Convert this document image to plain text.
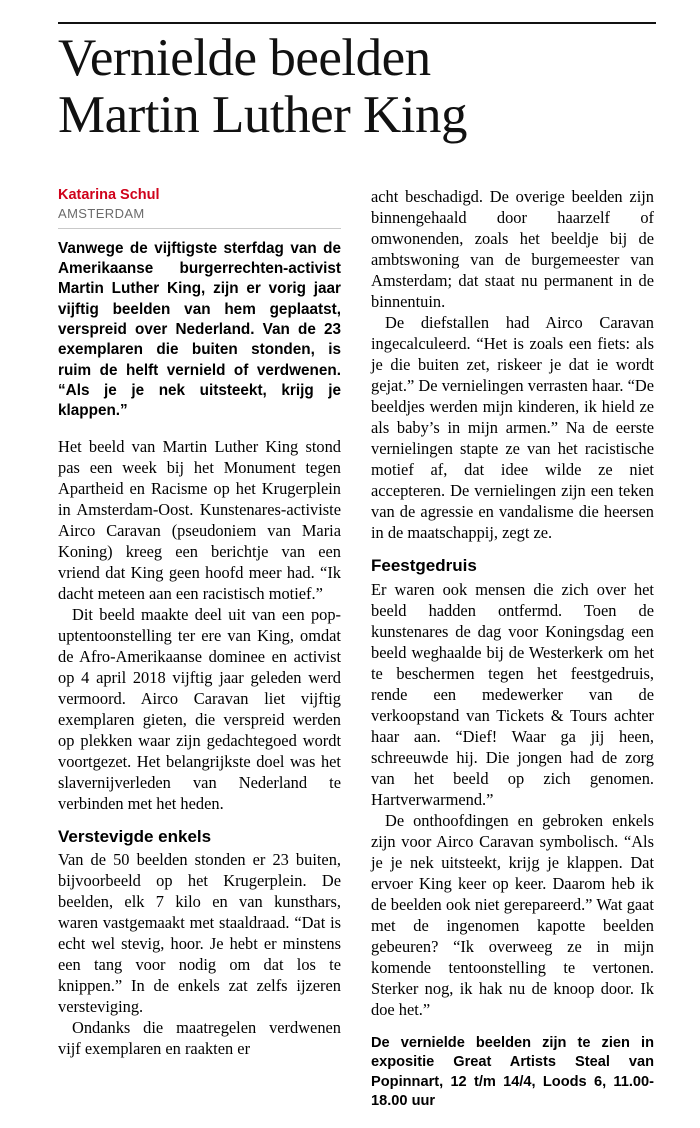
Vernielde beelden
Martin Luther King
Katarina Schul
AMSTERDAM

Vanwege de vijftigste sterfdag van de Amerikaanse burgerrechten-activist Martin Luther King, zijn er vorig jaar vijftig beelden van hem geplaatst, verspreid over Nederland. Van de 23 exemplaren die buiten stonden, is ruim de helft vernield of verdwenen. “Als je je nek uitsteekt, krijg je klappen.”

Het beeld van Martin Luther King stond pas een week bij het Monument tegen Apartheid en Racisme op het Krugerplein in Amsterdam-Oost. Kunstenares-activiste Airco Caravan (pseudoniem van Maria Koning) kreeg een berichtje van een vriend dat King geen hoofd meer had. “Ik dacht meteen aan een racistisch motief.”

Dit beeld maakte deel uit van een pop-uptentoonstelling ter ere van King, omdat de Afro-Amerikaanse dominee en activist op 4 april 2018 vijftig jaar geleden werd vermoord. Airco Caravan liet vijftig exemplaren gieten, die verspreid werden op plekken waar zijn gedachtegoed wordt voortgezet. Het belangrijkste doel was het slavernijverleden van Nederland te verbinden met het heden.

Verstevigde enkels

Van de 50 beelden stonden er 23 buiten, bijvoorbeeld op het Krugerplein. De beelden, elk 7 kilo en van kunsthars, waren vastgemaakt met staaldraad. “Dat is echt wel stevig, hoor. Je hebt er minstens een tang voor nodig om dat los te knippen.” In de enkels zat zelfs ijzeren versteviging.

Ondanks die maatregelen verdwenen vijf exemplaren en raakten er

acht beschadigd. De overige beelden zijn binnengehaald door haarzelf of omwonenden, zoals het beeldje bij de ambtswoning van de burgemeester van Amsterdam; dat staat nu permanent in de binnentuin.

De diefstallen had Airco Caravan ingecalculeerd. “Het is zoals een fiets: als je die buiten zet, riskeer je dat ie wordt gejat.” De vernielingen verrasten haar. “De beeldjes werden mijn kinderen, ik hield ze als baby’s in mijn armen.” Na de eerste vernielingen stapte ze van het racistische motief af, dat idee wilde ze niet accepteren. De vernielingen zijn een teken van de agressie en vandalisme die heersen in de maatschappij, zegt ze.

Feestgedruis

Er waren ook mensen die zich over het beeld hadden ontfermd. Toen de kunstenares de dag voor Koningsdag een beeld weghaalde bij de Westerkerk om het te beschermen tegen het feestgedruis, rende een medewerker van de verkoopstand van Tickets & Tours achter haar aan. “Dief! Waar ga jij heen, schreeuwde hij. Die jongen had de zorg van het beeld op zich genomen. Hartverwarmend.”

De onthoofdingen en gebroken enkels zijn voor Airco Caravan symbolisch. “Als je je nek uitsteekt, krijg je klappen. Dat ervoer King keer op keer. Daarom heb ik de beelden ook niet gerepareerd.” Wat gaat met de ingenomen kapotte beelden gebeuren? “Ik overweeg ze in mijn komende tentoonstelling te vertonen. Sterker nog, ik hak nu de knoop door. Ik doe het.”

De vernielde beelden zijn te zien in expositie Great Artists Steal van Popinnart, 12 t/m 14/4, Loods 6, 11.00-18.00 uur
